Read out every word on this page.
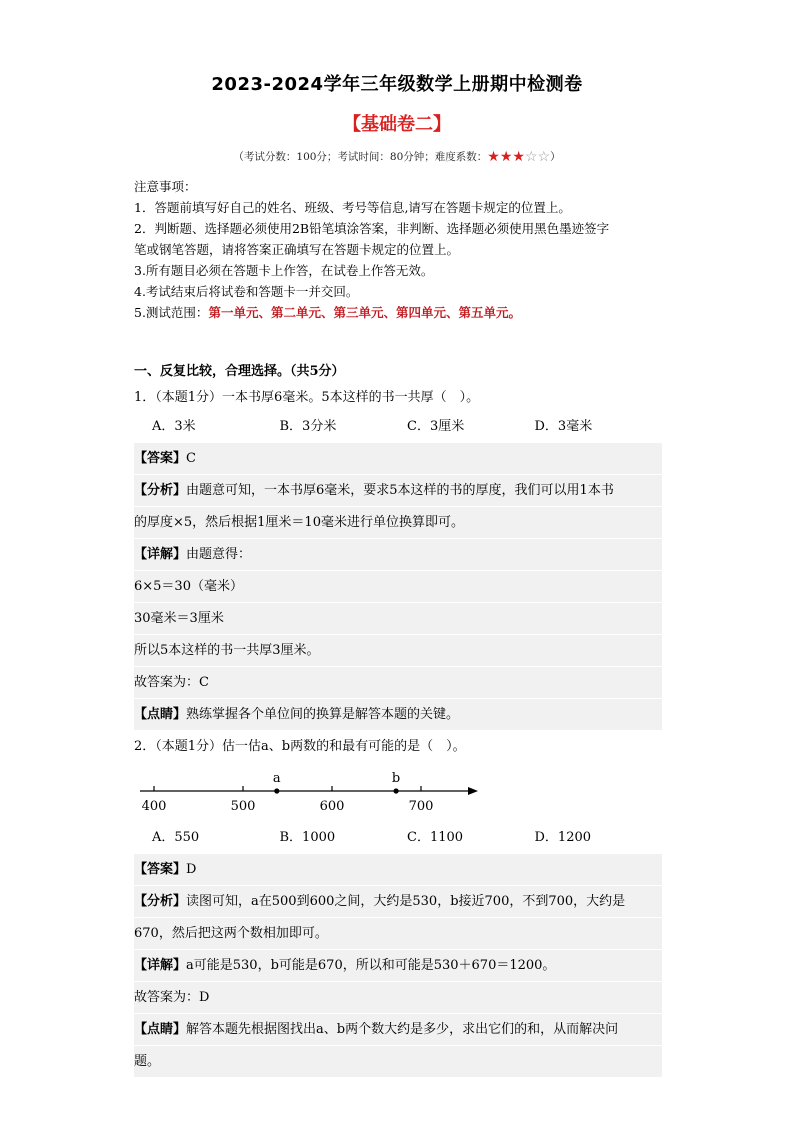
2023-2024学年三年级数学上册期中检测卷
【基础卷二】
（考试分数：100分；考试时间：80分钟；难度系数：★★★☆☆）
注意事项：
1．答题前填写好自己的姓名、班级、考号等信息,请写在答题卡规定的位置上。
2．判断题、选择题必须使用2B铅笔填涂答案，非判断、选择题必须使用黑色墨迹签字
笔或钢笔答题，请将答案正确填写在答题卡规定的位置上。
3.所有题目必须在答题卡上作答，在试卷上作答无效。
4.考试结束后将试卷和答题卡一并交回。
5.测试范围：第一单元、第二单元、第三单元、第四单元、第五单元。
一、反复比较，合理选择。（共5分）
1．（本题1分）一本书厚6毫米。5本这样的书一共厚（　）。
A．3米	B．3分米	C．3厘米	D．3毫米
【答案】C
【分析】由题意可知，一本书厚6毫米，要求5本这样的书的厚度，我们可以用1本书
的厚度×5，然后根据1厘米＝10毫米进行单位换算即可。
【详解】由题意得：
6×5＝30（毫米）
30毫米＝3厘米
所以5本这样的书一共厚3厘米。
故答案为：C
【点睛】熟练掌握各个单位间的换算是解答本题的关键。
2．（本题1分）估一估a、b两数的和最有可能的是（　）。
400	500	600	700
a	b
A．550	B．1000	C．1100	D．1200
【答案】D
【分析】读图可知，a在500到600之间，大约是530，b接近700，不到700，大约是
670，然后把这两个数相加即可。
【详解】a可能是530，b可能是670，所以和可能是530＋670＝1200。
故答案为：D
【点睛】解答本题先根据图找出a、b两个数大约是多少，求出它们的和，从而解决问
题。
